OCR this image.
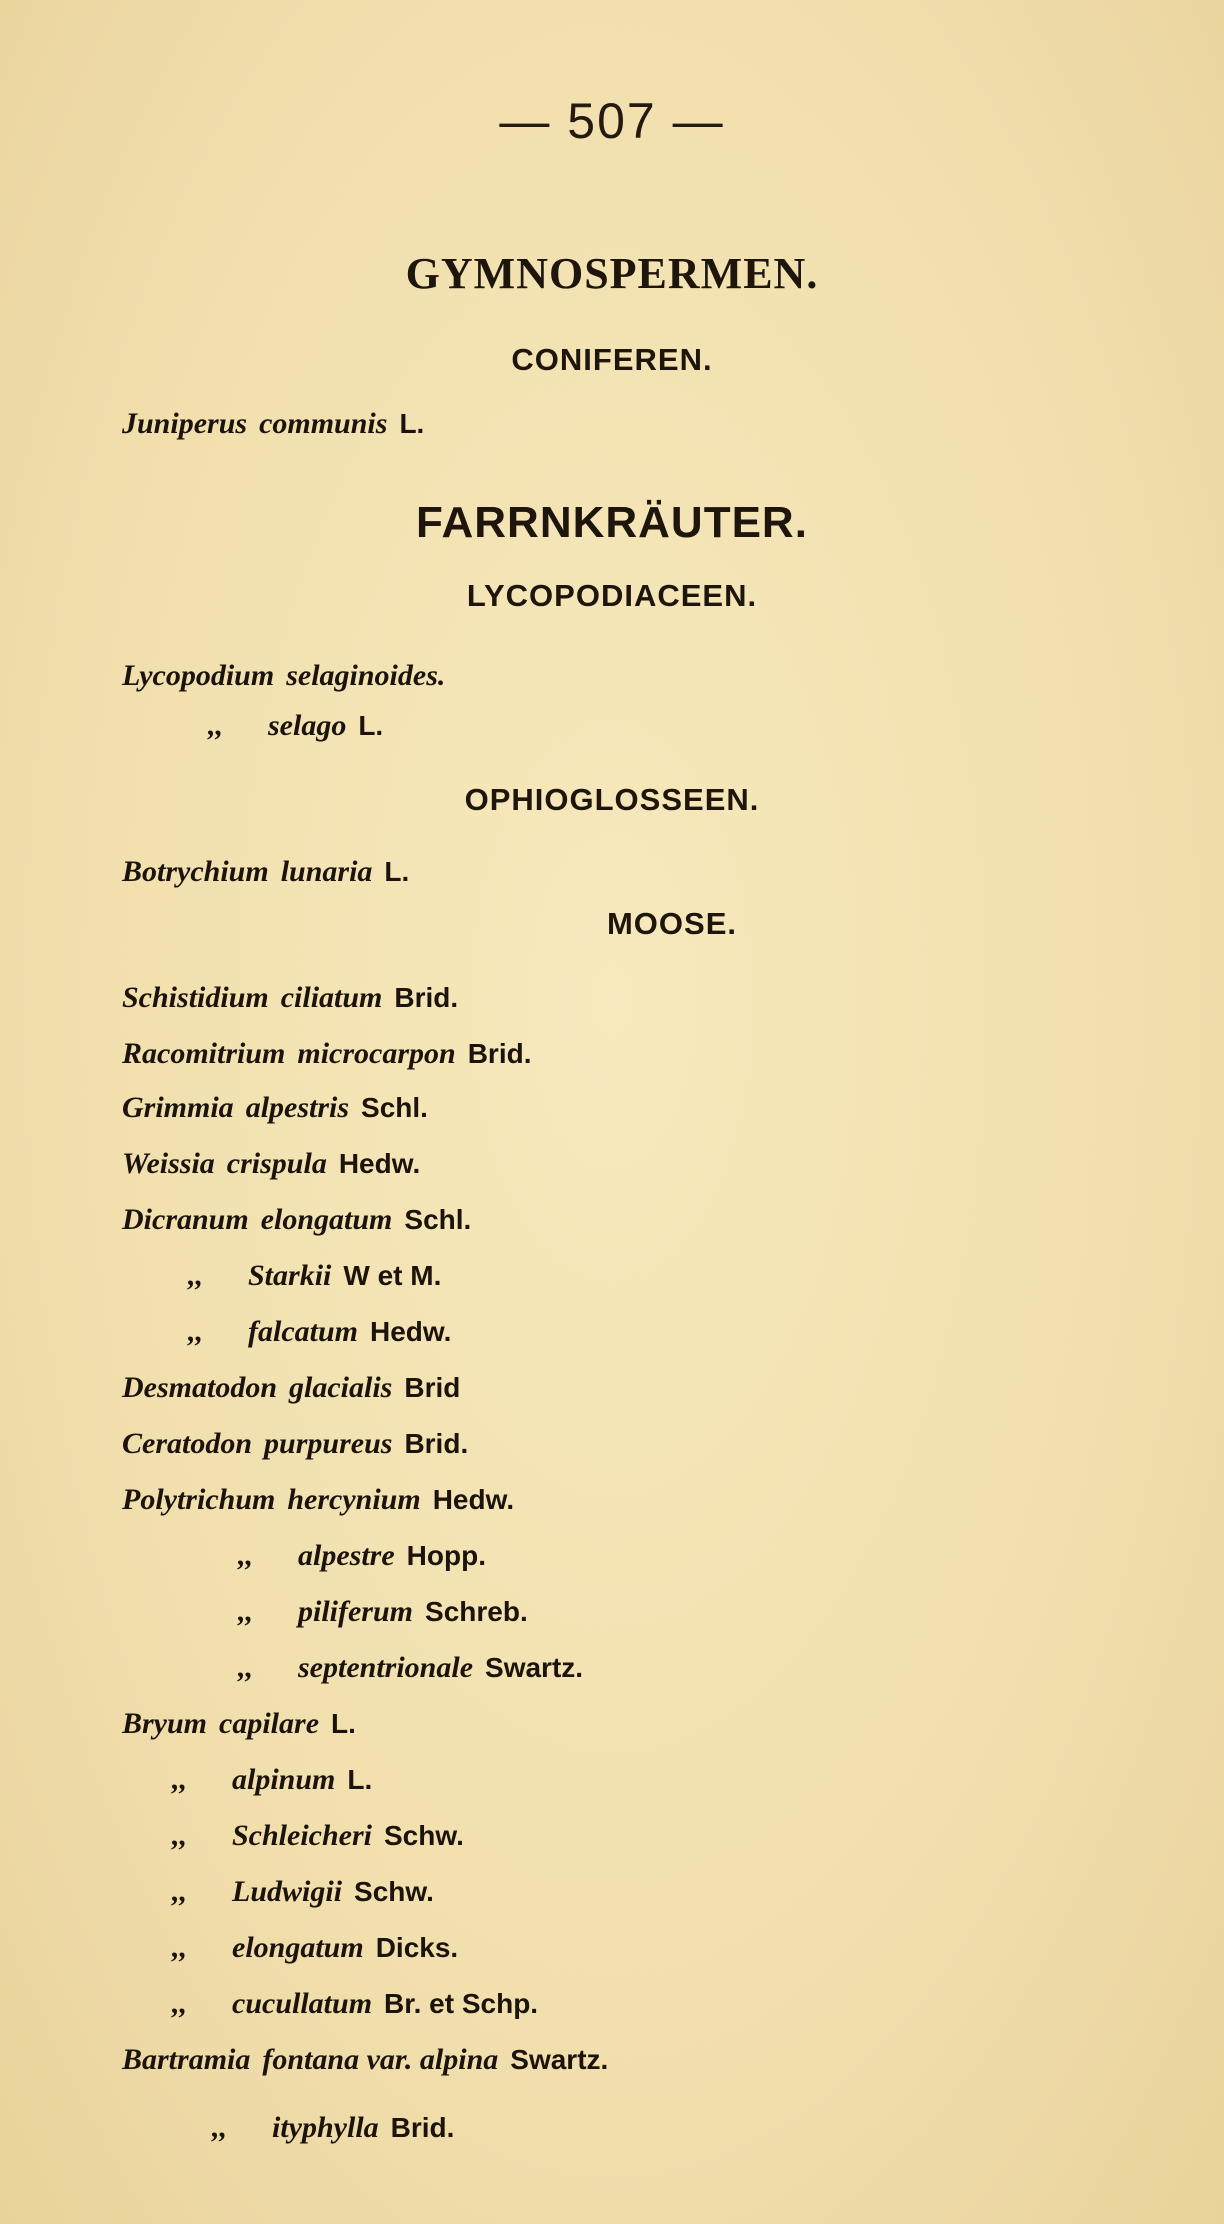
— 507 —
GYMNOSPERMEN.
CONIFEREN.
Juniperus communis L.
FARRNKRÄUTER.
LYCOPODIACEEN.
Lycopodium selaginoides.
,, selago L.
OPHIOGLOSSEEN.
Botrychium lunaria L.
MOOSE.
Schistidium ciliatum Brid.
Racomitrium microcarpon Brid.
Grimmia alpestris Schl.
Weissia crispula Hedw.
Dicranum elongatum Schl.
,, Starkii W et M.
,, falcatum Hedw.
Desmatodon glacialis Brid
Ceratodon purpureus Brid.
Polytrichum hercynium Hedw.
,, alpestre Hopp.
,, piliferum Schreb.
,, septentrionale Swartz.
Bryum capilare L.
,, alpinum L.
,, Schleicheri Schw.
,, Ludwigii Schw.
,, elongatum Dicks.
,, cucullatum Br. et Schp.
Bartramia fontana var. alpina Swartz.
,, ityphylla Brid.
